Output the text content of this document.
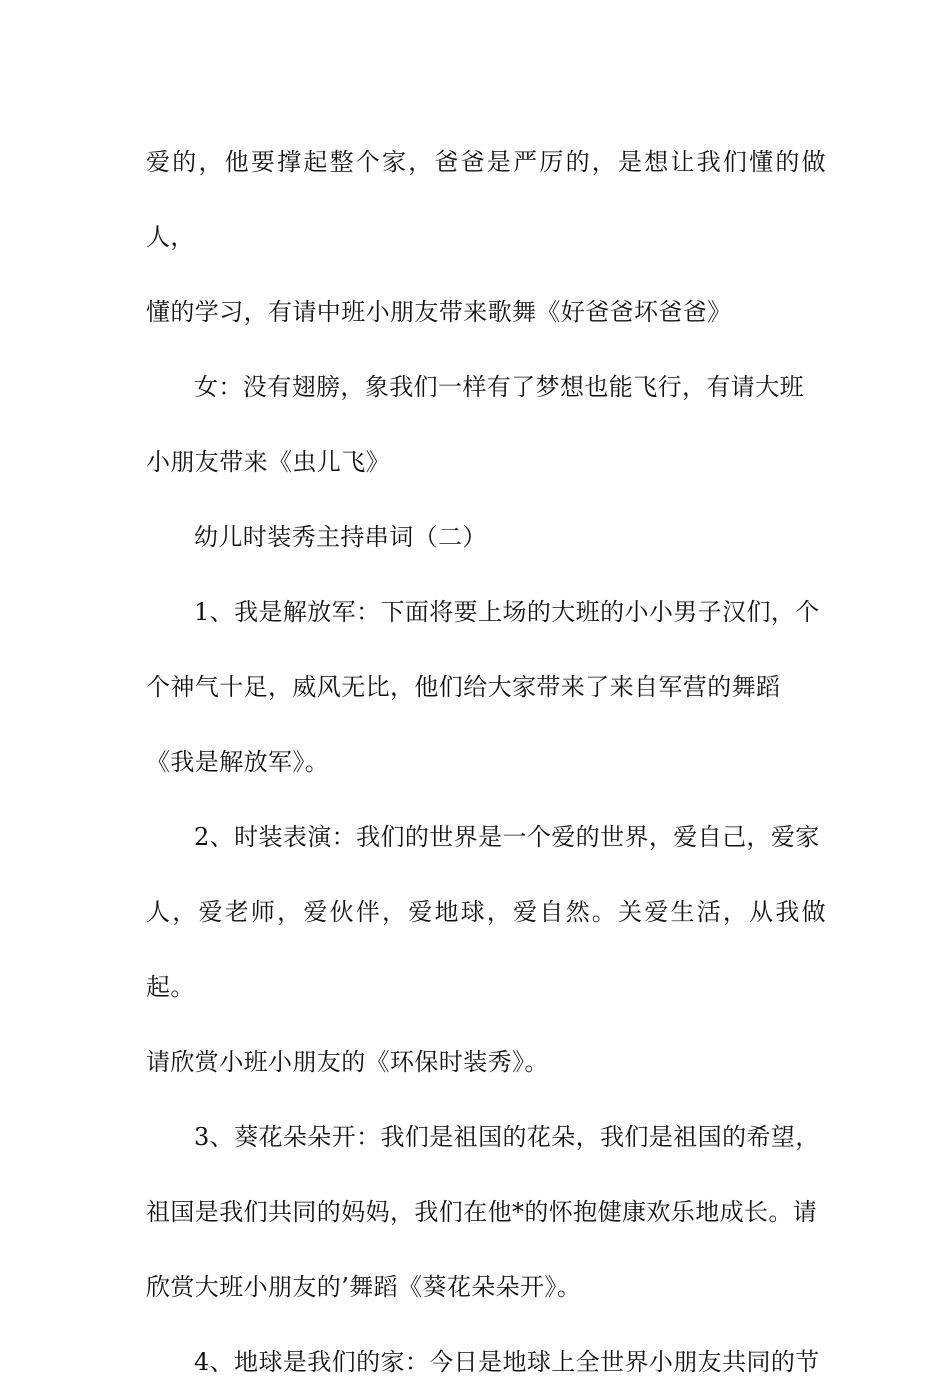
爱的，他要撑起整个家，爸爸是严厉的，是想让我们懂的做人，
懂的学习，有请中班小朋友带来歌舞《好爸爸坏爸爸》

女：没有翅膀，象我们一样有了梦想也能飞行，有请大班
小朋友带来《虫儿飞》

幼儿时装秀主持串词（二）

1、我是解放军：下面将要上场的大班的小小男子汉们，个
个神气十足，威风无比，他们给大家带来了来自军营的舞蹈
《我是解放军》。

2、时装表演：我们的世界是一个爱的世界，爱自己，爱家
人，爱老师，爱伙伴，爱地球，爱自然。关爱生活，从我做起。
请欣赏小班小朋友的《环保时装秀》。

3、葵花朵朵开：我们是祖国的花朵，我们是祖国的希望，
祖国是我们共同的妈妈，我们在他*的怀抱健康欢乐地成长。请
欣赏大班小朋友的’舞蹈《葵花朵朵开》。

4、地球是我们的家：今日是地球上全世界小朋友共同的节
